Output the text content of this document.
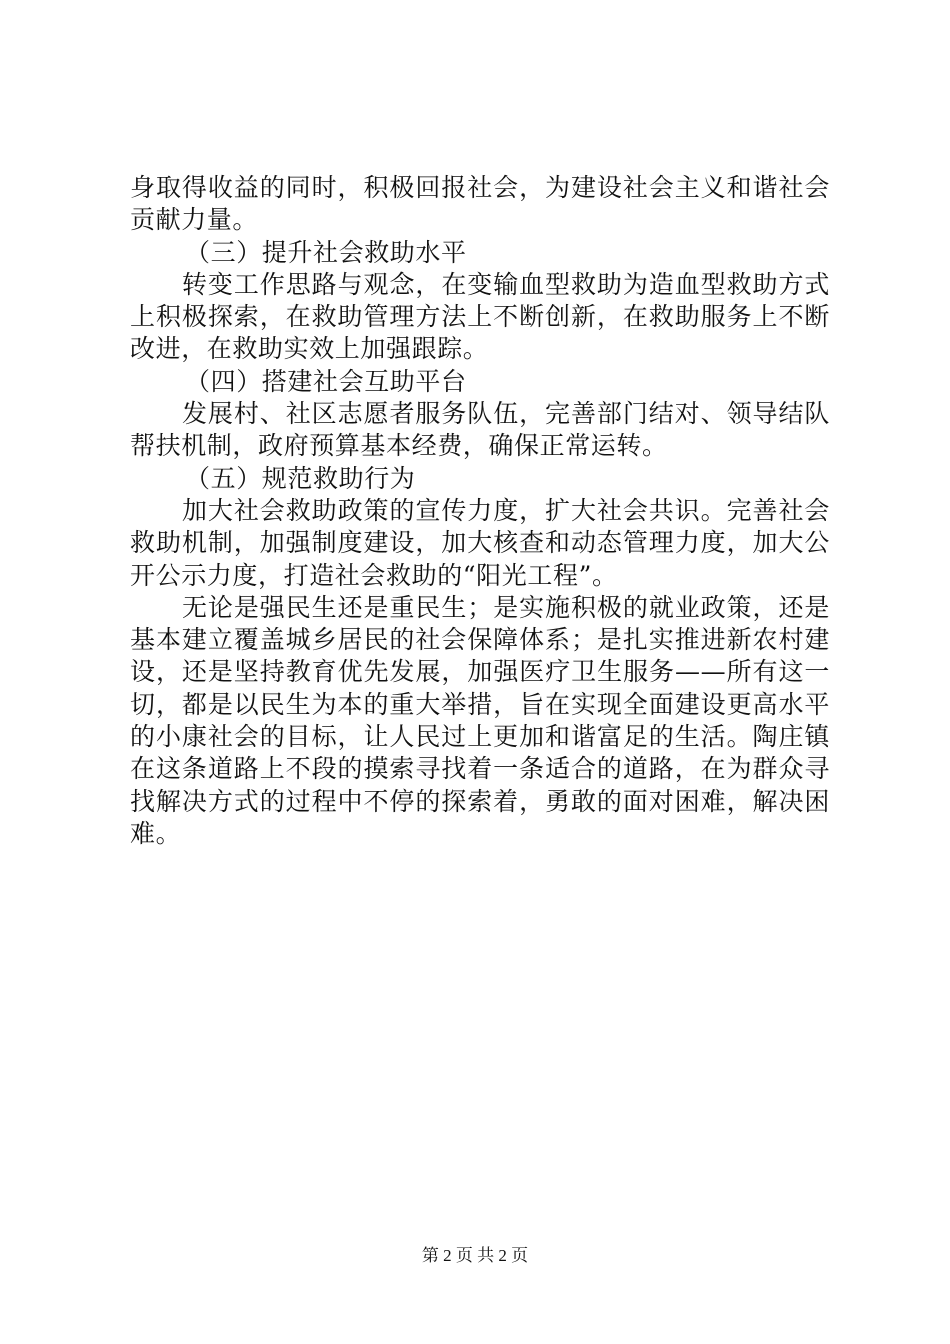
身取得收益的同时，积极回报社会，为建设社会主义和谐社会
贡献力量。
（三）提升社会救助水平
转变工作思路与观念，在变输血型救助为造血型救助方式
上积极探索，在救助管理方法上不断创新，在救助服务上不断
改进，在救助实效上加强跟踪。
（四）搭建社会互助平台
发展村、社区志愿者服务队伍，完善部门结对、领导结队
帮扶机制，政府预算基本经费，确保正常运转。
（五）规范救助行为
加大社会救助政策的宣传力度，扩大社会共识。完善社会
救助机制，加强制度建设，加大核查和动态管理力度，加大公
开公示力度，打造社会救助的“阳光工程”。
无论是强民生还是重民生；是实施积极的就业政策，还是
基本建立覆盖城乡居民的社会保障体系；是扎实推进新农村建
设，还是坚持教育优先发展，加强医疗卫生服务——所有这一
切，都是以民生为本的重大举措，旨在实现全面建设更高水平
的小康社会的目标，让人民过上更加和谐富足的生活。陶庄镇
在这条道路上不段的摸索寻找着一条适合的道路，在为群众寻
找解决方式的过程中不停的探索着，勇敢的面对困难，解决困
难。
第 2 页 共 2 页
